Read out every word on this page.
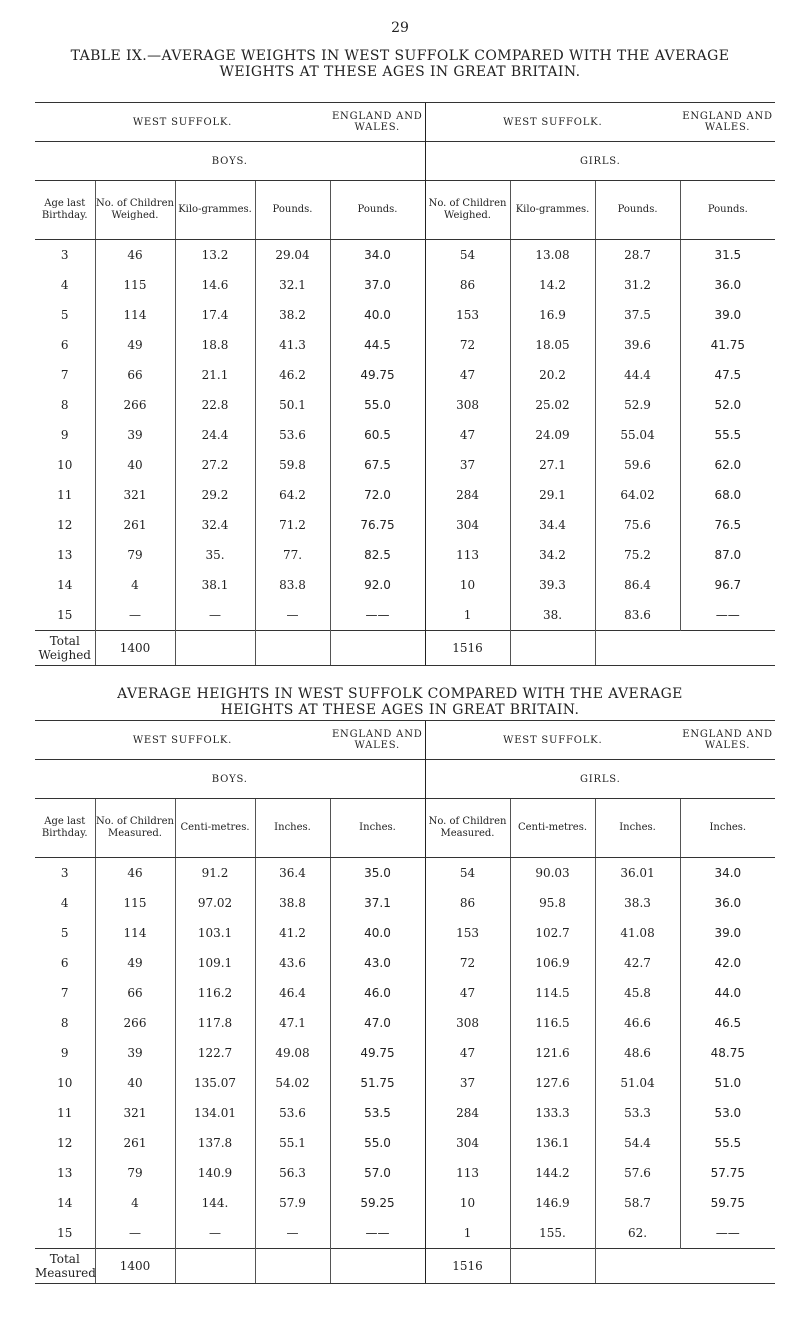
29
TABLE IX.—AVERAGE WEIGHTS IN WEST SUFFOLK COMPARED WITH THE AVERAGE
WEIGHTS AT THESE AGES IN GREAT BRITAIN.
WEST SUFFOLK.				ENGLAND AND WALES.	WEST SUFFOLK.			ENGLAND AND WALES.
BOYS.					GIRLS.			
Age last Birthday.	No. of Children Weighed.	Kilo-grammes.	Pounds.	Pounds.	No. of Children Weighed.	Kilo-grammes.	Pounds.	Pounds.
3	46	13.2	29.04	34.0	54	13.08	28.7	31.5
4	115	14.6	32.1	37.0	86	14.2	31.2	36.0
5	114	17.4	38.2	40.0	153	16.9	37.5	39.0
6	49	18.8	41.3	44.5	72	18.05	39.6	41.75
7	66	21.1	46.2	49.75	47	20.2	44.4	47.5
8	266	22.8	50.1	55.0	308	25.02	52.9	52.0
9	39	24.4	53.6	60.5	47	24.09	55.04	55.5
10	40	27.2	59.8	67.5	37	27.1	59.6	62.0
11	321	29.2	64.2	72.0	284	29.1	64.02	68.0
12	261	32.4	71.2	76.75	304	34.4	75.6	76.5
13	79	35.	77.	82.5	113	34.2	75.2	87.0
14	4	38.1	83.8	92.0	10	39.3	86.4	96.7
15	—	—	—	——	1	38.	83.6	——
Total Weighed	1400				1516			
AVERAGE HEIGHTS IN WEST SUFFOLK COMPARED WITH THE AVERAGE
HEIGHTS AT THESE AGES IN GREAT BRITAIN.
WEST SUFFOLK.				ENGLAND AND WALES.	WEST SUFFOLK.			ENGLAND AND WALES.
BOYS.					GIRLS.			
Age last Birthday.	No. of Children Measured.	Centi-metres.	Inches.	Inches.	No. of Children Measured.	Centi-metres.	Inches.	Inches.
3	46	91.2	36.4	35.0	54	90.03	36.01	34.0
4	115	97.02	38.8	37.1	86	95.8	38.3	36.0
5	114	103.1	41.2	40.0	153	102.7	41.08	39.0
6	49	109.1	43.6	43.0	72	106.9	42.7	42.0
7	66	116.2	46.4	46.0	47	114.5	45.8	44.0
8	266	117.8	47.1	47.0	308	116.5	46.6	46.5
9	39	122.7	49.08	49.75	47	121.6	48.6	48.75
10	40	135.07	54.02	51.75	37	127.6	51.04	51.0
11	321	134.01	53.6	53.5	284	133.3	53.3	53.0
12	261	137.8	55.1	55.0	304	136.1	54.4	55.5
13	79	140.9	56.3	57.0	113	144.2	57.6	57.75
14	4	144.	57.9	59.25	10	146.9	58.7	59.75
15	—	—	—	——	1	155.	62.	——
Total Measured	1400				1516			
